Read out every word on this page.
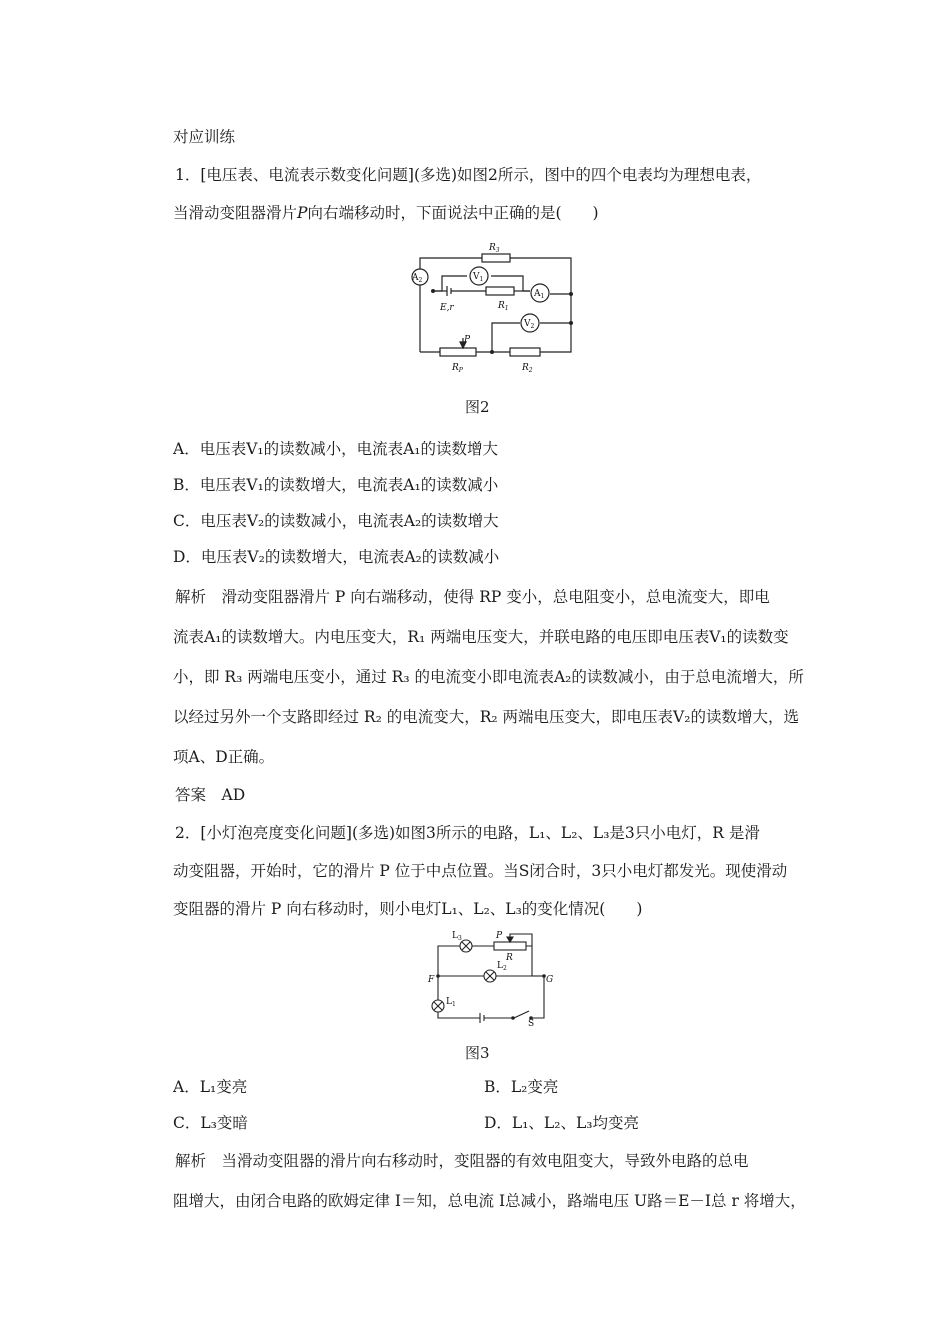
对应训练
1．[电压表、电流表示数变化问题](多选)如图2所示，图中的四个电表均为理想电表，
当滑动变阻器滑片P向右端移动时，下面说法中正确的是(　　)
$R_3$
$A_2$	$V_1$
$A_1$
$V_2$
E,r	$R_1$
P
$R_P$	$R_2$
图2
A．电压表V₁的读数减小，电流表A₁的读数增大
B．电压表V₁的读数增大，电流表A₁的读数减小
C．电压表V₂的读数减小，电流表A₂的读数增大
D．电压表V₂的读数增大，电流表A₂的读数减小
解析　滑动变阻器滑片 P 向右端移动，使得 RP 变小，总电阻变小，总电流变大，即电
流表A₁的读数增大。内电压变大，R₁ 两端电压变大，并联电路的电压即电压表V₁的读数变
小，即 R₃ 两端电压变小，通过 R₃ 的电流变小即电流表A₂的读数减小，由于总电流增大，所
以经过另外一个支路即经过 R₂ 的电流变大，R₂ 两端电压变大，即电压表V₂的读数增大，选
项A、D正确。
答案　AD
2．[小灯泡亮度变化问题](多选)如图3所示的电路，L₁、L₂、L₃是3只小电灯，R 是滑
动变阻器，开始时，它的滑片 P 位于中点位置。当S闭合时，3只小电灯都发光。现使滑动
变阻器的滑片 P 向右移动时，则小电灯L₁、L₂、L₃的变化情况(　　)
$L_3$	P
R
F
$L_2$
G
$L_1$
S
图3
A．L₁变亮	B．L₂变亮
C．L₃变暗	D．L₁、L₂、L₃均变亮
解析　当滑动变阻器的滑片向右移动时，变阻器的有效电阻变大，导致外电路的总电
阻增大，由闭合电路的欧姆定律 I＝知，总电流 I总减小，路端电压 U路＝E－I总 r 将增大，
